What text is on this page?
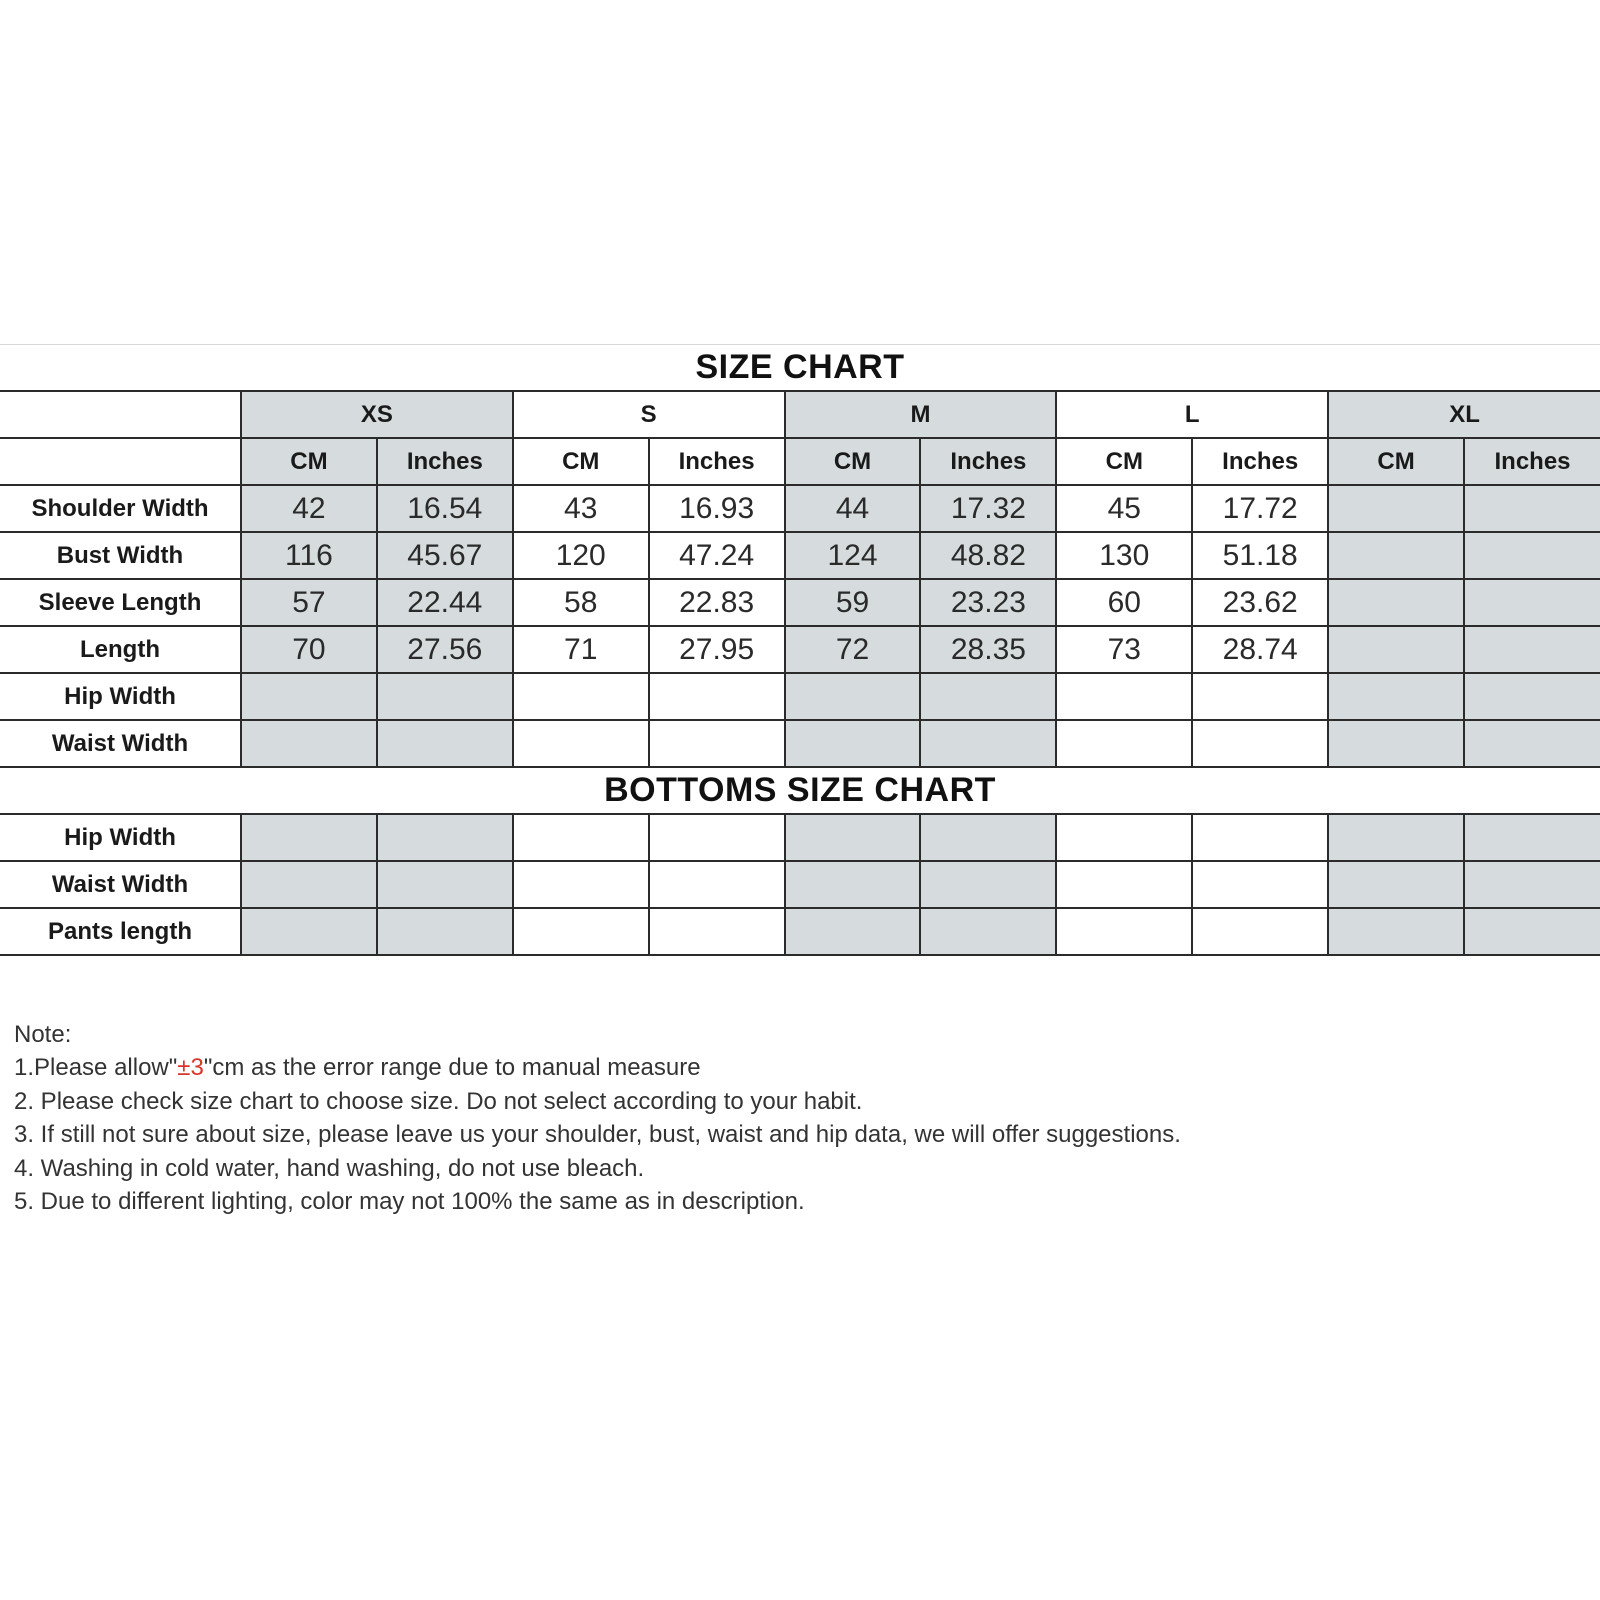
SIZE CHART										
	XS		S		M		L		XL	
	CM	Inches	CM	Inches	CM	Inches	CM	Inches	CM	Inches
Shoulder Width	42	16.54	43	16.93	44	17.32	45	17.72		
Bust Width	116	45.67	120	47.24	124	48.82	130	51.18		
Sleeve Length	57	22.44	58	22.83	59	23.23	60	23.62		
Length	70	27.56	71	27.95	72	28.35	73	28.74		
Hip Width										
Waist Width										
BOTTOMS SIZE CHART										
Hip Width										
Waist Width										
Pants length										
Note:
1.Please allow"±3"cm as the error range due to manual measure
2. Please check size chart to choose size. Do not select according to your habit.
3. If still not sure about size, please leave us your shoulder, bust, waist and hip data, we will offer suggestions.
4. Washing in cold water, hand washing, do not use bleach.
5. Due to different lighting, color may not 100% the same as in description.
